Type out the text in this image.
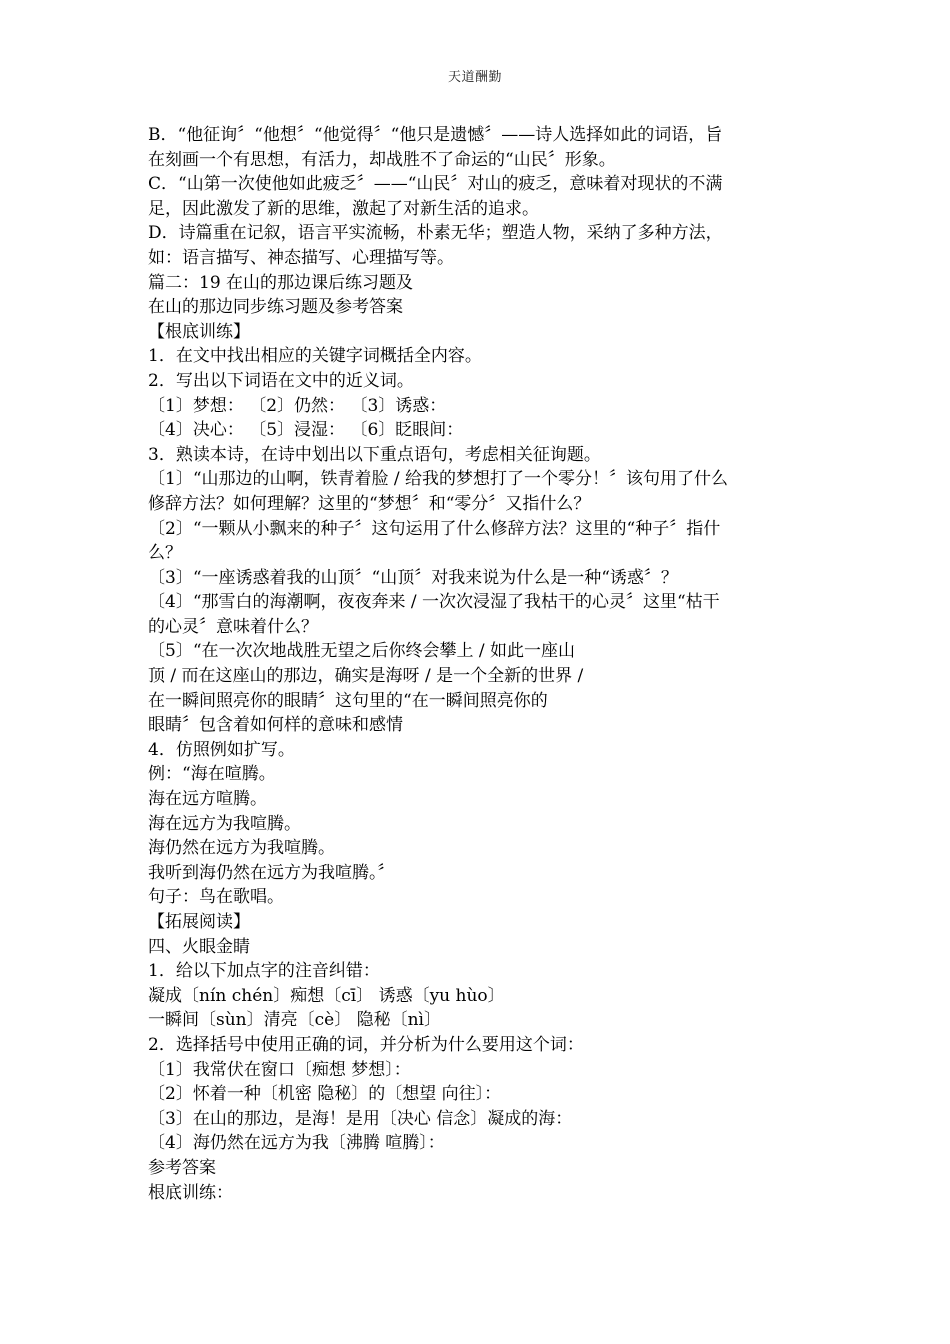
天道酬勤
B．“他征询〞“他想〞“他觉得〞“他只是遗憾〞——诗人选择如此的词语，旨
在刻画一个有思想，有活力，却战胜不了命运的“山民〞形象。
C．“山第一次使他如此疲乏〞——“山民〞对山的疲乏，意味着对现状的不满
足，因此激发了新的思维，激起了对新生活的追求。
D．诗篇重在记叙，语言平实流畅，朴素无华；塑造人物，采纳了多种方法，
如：语言描写、神态描写、心理描写等。
篇二：19 在山的那边课后练习题及
在山的那边同步练习题及参考答案
【根底训练】
1．在文中找出相应的关键字词概括全内容。
2．写出以下词语在文中的近义词。
〔1〕梦想： 〔2〕仍然： 〔3〕诱惑：
〔4〕决心： 〔5〕浸湿： 〔6〕眨眼间：
3．熟读本诗，在诗中划出以下重点语句，考虑相关征询题。
〔1〕“山那边的山啊，铁青着脸 / 给我的梦想打了一个零分！〞该句用了什么
修辞方法？如何理解？这里的“梦想〞和“零分〞又指什么？
〔2〕“一颗从小飘来的种子〞这句运用了什么修辞方法？这里的“种子〞指什
么？
〔3〕“一座诱惑着我的山顶〞“山顶〞对我来说为什么是一种“诱惑〞？
〔4〕“那雪白的海潮啊，夜夜奔来 / 一次次浸湿了我枯干的心灵〞这里“枯干
的心灵〞意味着什么？
〔5〕“在一次次地战胜无望之后你终会攀上 / 如此一座山
顶 / 而在这座山的那边，确实是海呀 / 是一个全新的世界 /
在一瞬间照亮你的眼睛〞这句里的“在一瞬间照亮你的
眼睛〞包含着如何样的意味和感情
4．仿照例如扩写。
例：“海在喧腾。
海在远方喧腾。
海在远方为我喧腾。
海仍然在远方为我喧腾。
我听到海仍然在远方为我喧腾。〞
句子：鸟在歌唱。
【拓展阅读】
四、火眼金睛
1．给以下加点字的注音纠错：
凝成〔nín chén〕痴想〔cī〕 诱惑〔yu hùo〕
一瞬间〔sùn〕清亮〔cè〕 隐秘〔nì〕
2．选择括号中使用正确的词，并分析为什么要用这个词：
〔1〕我常伏在窗口〔痴想 梦想〕：
〔2〕怀着一种〔机密 隐秘〕的〔想望 向往〕：
〔3〕在山的那边，是海！是用〔决心 信念〕凝成的海：
〔4〕海仍然在远方为我〔沸腾 喧腾〕：
参考答案
根底训练：
